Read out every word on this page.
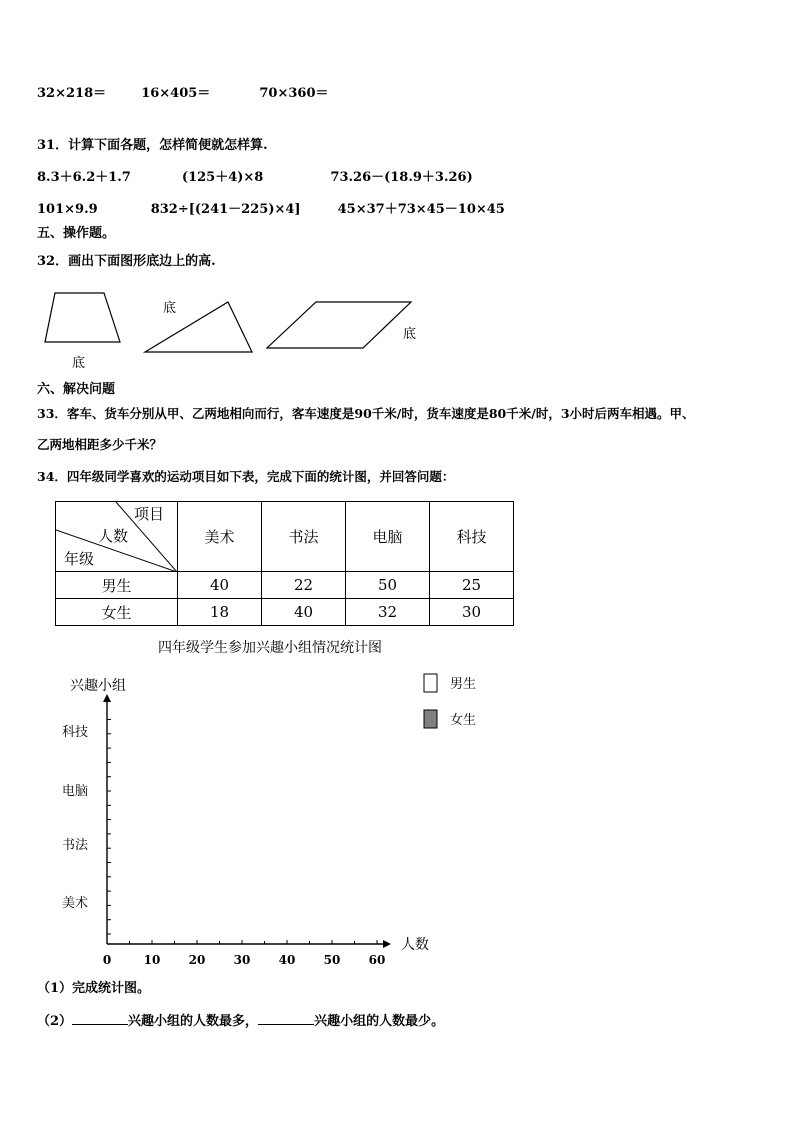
32×218＝	16×405＝	70×360＝
31．计算下面各题，怎样简便就怎样算.
8.3＋6.2＋1.7	(125＋4)×8	73.26－(18.9＋3.26)
101×9.9	832÷[(241－225)×4]	45×37＋73×45－10×45
五、操作题。
32．画出下面图形底边上的高.
底
底
底
六、解决问题
33．客车、货车分别从甲、乙两地相向而行，客车速度是90千米/时，货车速度是80千米/时，3小时后两车相遇。甲、
乙两地相距多少千米？
34．四年级同学喜欢的运动项目如下表，完成下面的统计图，并回答问题：
项目
人数
年级	美术	书法	电脑	科技
男生	40	22	50	25
女生	18	40	32	30
四年级学生参加兴趣小组情况统计图
0	10 20 30 40 50 60
人数
美术
书法
电脑
科技
兴趣小组	男生
女生
（1）完成统计图。
（2）	兴趣小组的人数最多，	兴趣小组的人数最少。
